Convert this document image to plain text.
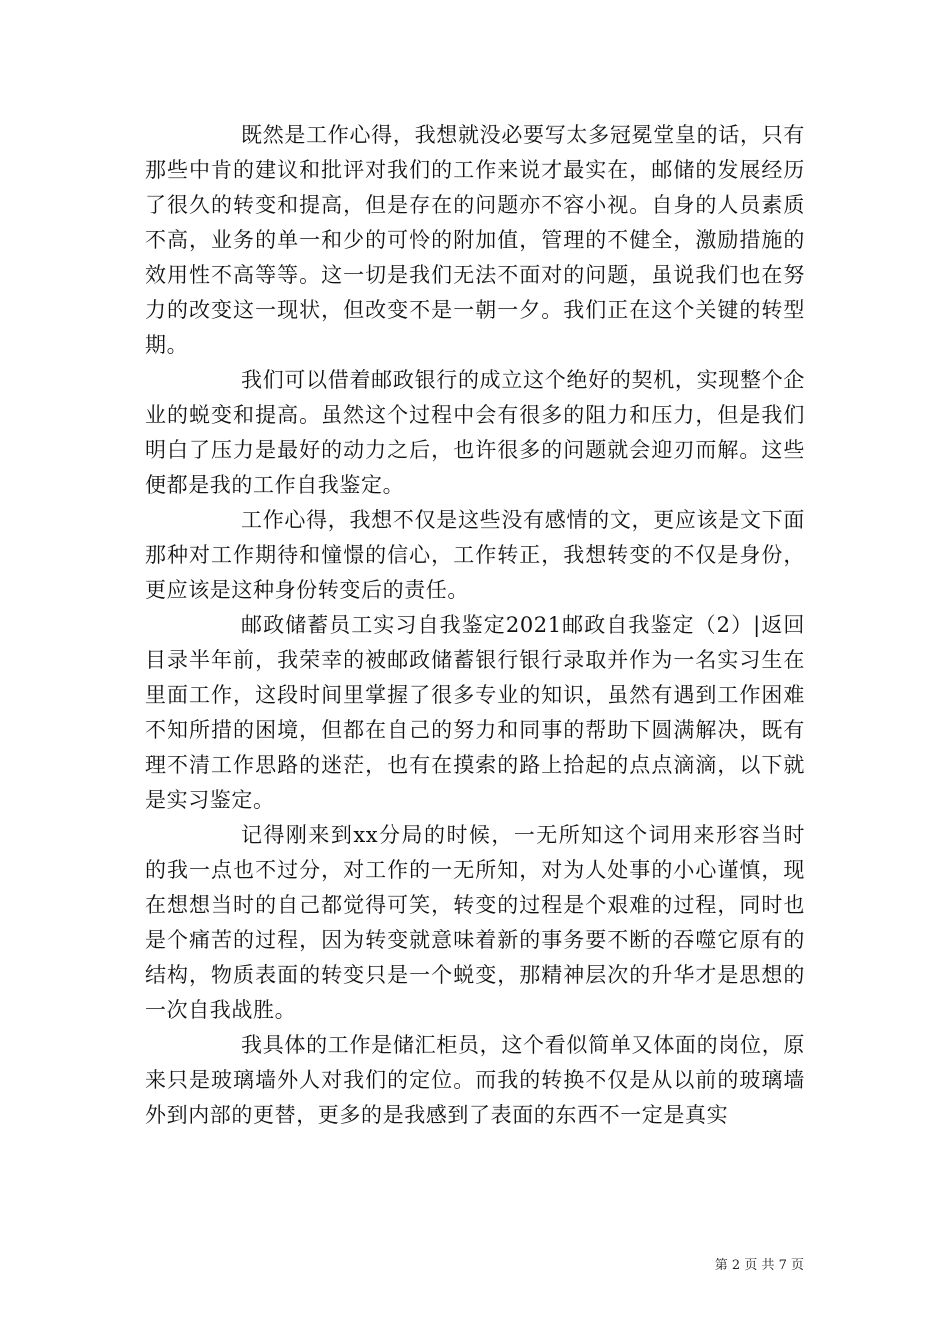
既然是工作心得，我想就没必要写太多冠冕堂皇的话，只有那些中肯的建议和批评对我们的工作来说才最实在，邮储的发展经历了很久的转变和提高，但是存在的问题亦不容小视。自身的人员素质不高，业务的单一和少的可怜的附加值，管理的不健全，激励措施的效用性不高等等。这一切是我们无法不面对的问题，虽说我们也在努力的改变这一现状，但改变不是一朝一夕。我们正在这个关键的转型期。

我们可以借着邮政银行的成立这个绝好的契机，实现整个企业的蜕变和提高。虽然这个过程中会有很多的阻力和压力，但是我们明白了压力是最好的动力之后，也许很多的问题就会迎刃而解。这些便都是我的工作自我鉴定。

工作心得，我想不仅是这些没有感情的文，更应该是文下面那种对工作期待和憧憬的信心，工作转正，我想转变的不仅是身份，更应该是这种身份转变后的责任。

邮政储蓄员工实习自我鉴定2021邮政自我鉴定（2）|返回目录半年前，我荣幸的被邮政储蓄银行银行录取并作为一名实习生在里面工作，这段时间里掌握了很多专业的知识，虽然有遇到工作困难不知所措的困境，但都在自己的努力和同事的帮助下圆满解决，既有理不清工作思路的迷茫，也有在摸索的路上拾起的点点滴滴，以下就是实习鉴定。

记得刚来到xx分局的时候，一无所知这个词用来形容当时的我一点也不过分，对工作的一无所知，对为人处事的小心谨慎，现在想想当时的自己都觉得可笑，转变的过程是个艰难的过程，同时也是个痛苦的过程，因为转变就意味着新的事务要不断的吞噬它原有的结构，物质表面的转变只是一个蜕变，那精神层次的升华才是思想的一次自我战胜。

我具体的工作是储汇柜员，这个看似简单又体面的岗位，原来只是玻璃墙外人对我们的定位。而我的转换不仅是从以前的玻璃墙外到内部的更替，更多的是我感到了表面的东西不一定是真实

第 2 页 共 7 页
